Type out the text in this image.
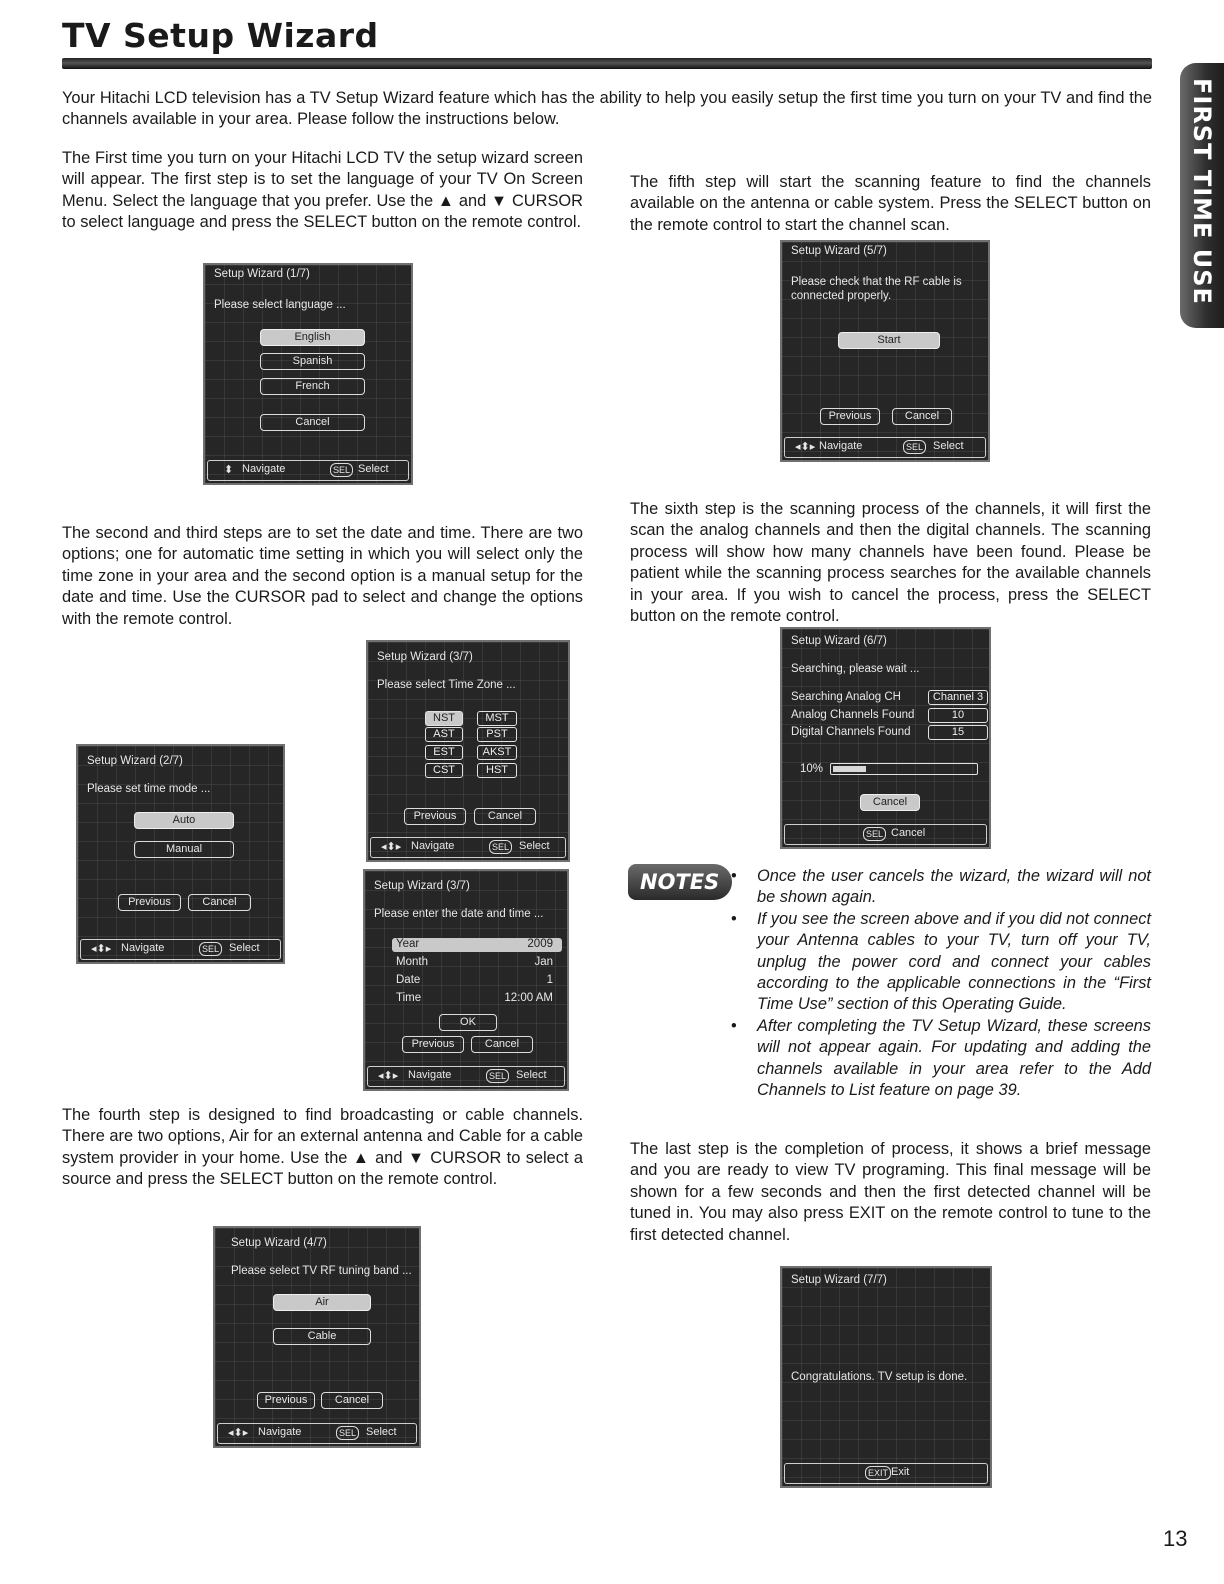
TV Setup Wizard
FIRST TIME USE

Your Hitachi LCD television has a TV Setup Wizard feature which has the ability to help you easily setup the first time you turn on your TV and find the channels available in your area. Please follow the instructions below.

The First time you turn on your Hitachi LCD TV the setup wizard screen will appear. The first step is to set the language of your TV On Screen Menu. Select the language that you prefer. Use the ▲ and ▼ CURSOR to select language and press the SELECT button on the remote control.

The second and third steps are to set the date and time. There are two options; one for automatic time setting in which you will select only the time zone in your area and the second option is a manual setup for the date and time. Use the CURSOR pad to select and change the options with the remote control.

The fourth step is designed to find broadcasting or cable channels. There are two options, Air for an external antenna and Cable for a cable system provider in your home. Use the ▲ and ▼ CURSOR to select a source and press the SELECT button on the remote control.

The fifth step will start the scanning feature to find the channels available on the antenna or cable system. Press the SELECT button on the remote control to start the channel scan.

The sixth step is the scanning process of the channels, it will first the scan the analog channels and then the digital channels. The scanning process will show how many channels have been found. Please be patient while the scanning process searches for the available channels in your area. If you wish to cancel the process, press the SELECT button on the remote control.

The last step is the completion of process, it shows a brief message and you are ready to view TV programing. This final message will be shown for a few seconds and then the first detected channel will be tuned in. You may also press EXIT on the remote control to tune to the first detected channel.

Setup Wizard (1/7)
Please select language ...
English
Spanish
French
Cancel
⬍ Navigate	SEL Select
Setup Wizard (2/7)
Please set time mode ...
Auto
Manual
Previous	Cancel
◂⬍▸ Navigate	SEL Select
Setup Wizard (3/7)
Please select Time Zone ...
NST	MST
AST	PST
EST	AKST
CST	HST
Previous	Cancel
◂⬍▸ Navigate	SEL Select
Setup Wizard (3/7)
Please enter the date and time ...
Year	2009
Month	Jan
Date	1
Time	12:00 AM
OK
Previous	Cancel
◂⬍▸ Navigate	SEL Select
Setup Wizard (4/7)
Please select TV RF tuning band ...
Air
Cable
Previous	Cancel
◂⬍▸ Navigate	SEL Select
Setup Wizard (5/7)
Please check that the RF cable is connected properly.
Start
Previous	Cancel
◂⬍▸ Navigate	SEL Select
Setup Wizard (6/7)
Searching, please wait ...
Searching Analog CH	Channel 3
Analog Channels Found	10
Digital Channels Found	15
10%
Cancel
SEL Cancel
Setup Wizard (7/7)
Congratulations. TV setup is done.
EXIT Exit
NOTES	• Once the user cancels the wizard, the wizard will not be shown again.
• If you see the screen above and if you did not connect your Antenna cables to your TV, turn off your TV, unplug the power cord and connect your cables according to the applicable connections in the “First Time Use” section of this Operating Guide.
• After completing the TV Setup Wizard, these screens will not appear again. For updating and adding the channels available in your area refer to the Add Channels to List feature on page 39.
13
